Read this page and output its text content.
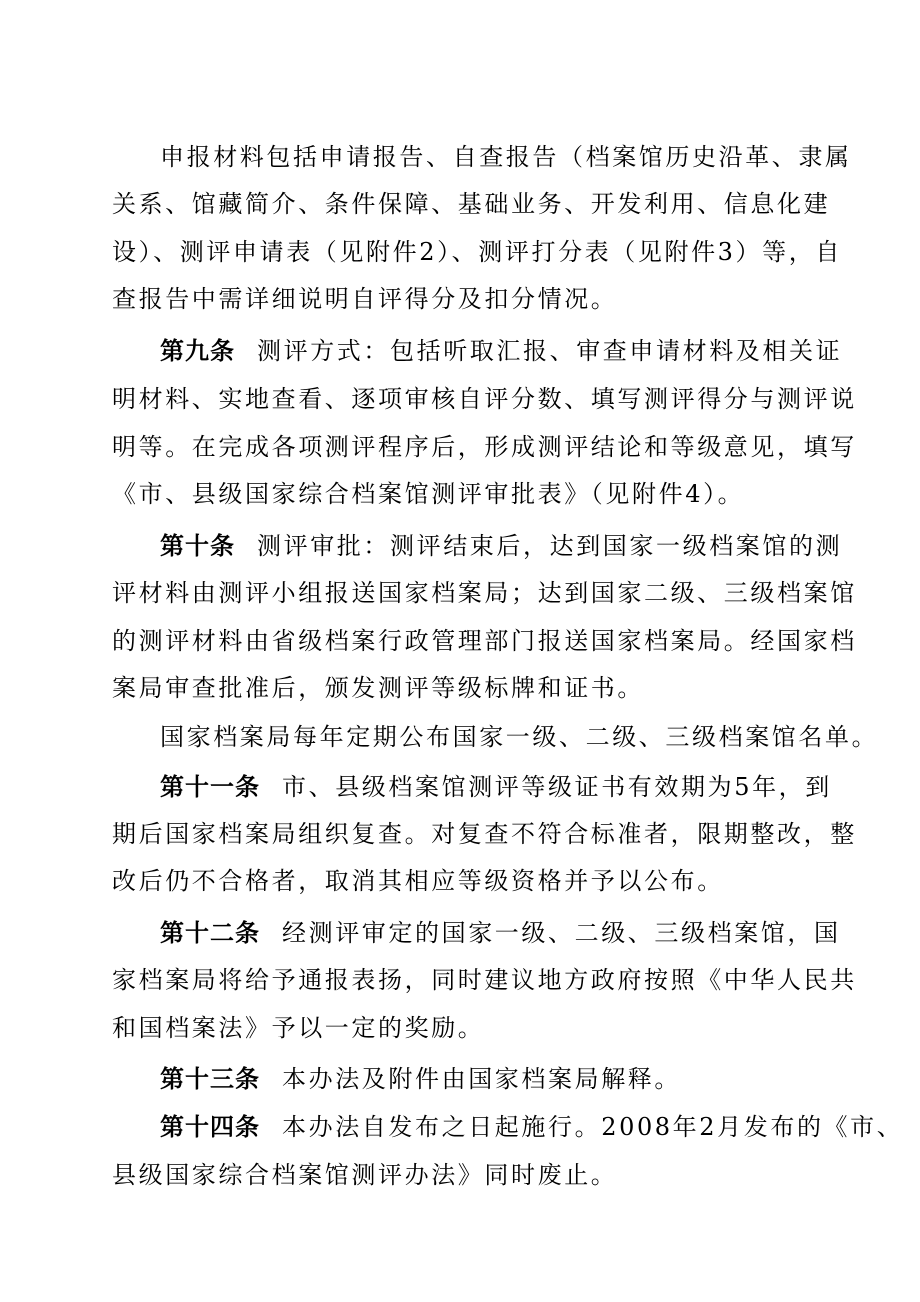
申报材料包括申请报告、自查报告（档案馆历史沿革、隶属
关系、馆藏简介、条件保障、基础业务、开发利用、信息化建
设）、测评申请表（见附件2）、测评打分表（见附件3）等，自
查报告中需详细说明自评得分及扣分情况。
第九条 测评方式：包括听取汇报、审查申请材料及相关证
明材料、实地查看、逐项审核自评分数、填写测评得分与测评说
明等。在完成各项测评程序后，形成测评结论和等级意见，填写
《市、县级国家综合档案馆测评审批表》（见附件4）。
第十条 测评审批：测评结束后，达到国家一级档案馆的测
评材料由测评小组报送国家档案局；达到国家二级、三级档案馆
的测评材料由省级档案行政管理部门报送国家档案局。经国家档
案局审查批准后，颁发测评等级标牌和证书。
国家档案局每年定期公布国家一级、二级、三级档案馆名单。
第十一条 市、县级档案馆测评等级证书有效期为5年，到
期后国家档案局组织复查。对复查不符合标准者，限期整改，整
改后仍不合格者，取消其相应等级资格并予以公布。
第十二条 经测评审定的国家一级、二级、三级档案馆，国
家档案局将给予通报表扬，同时建议地方政府按照《中华人民共
和国档案法》予以一定的奖励。
第十三条 本办法及附件由国家档案局解释。
第十四条 本办法自发布之日起施行。2008年2月发布的《市、
县级国家综合档案馆测评办法》同时废止。
